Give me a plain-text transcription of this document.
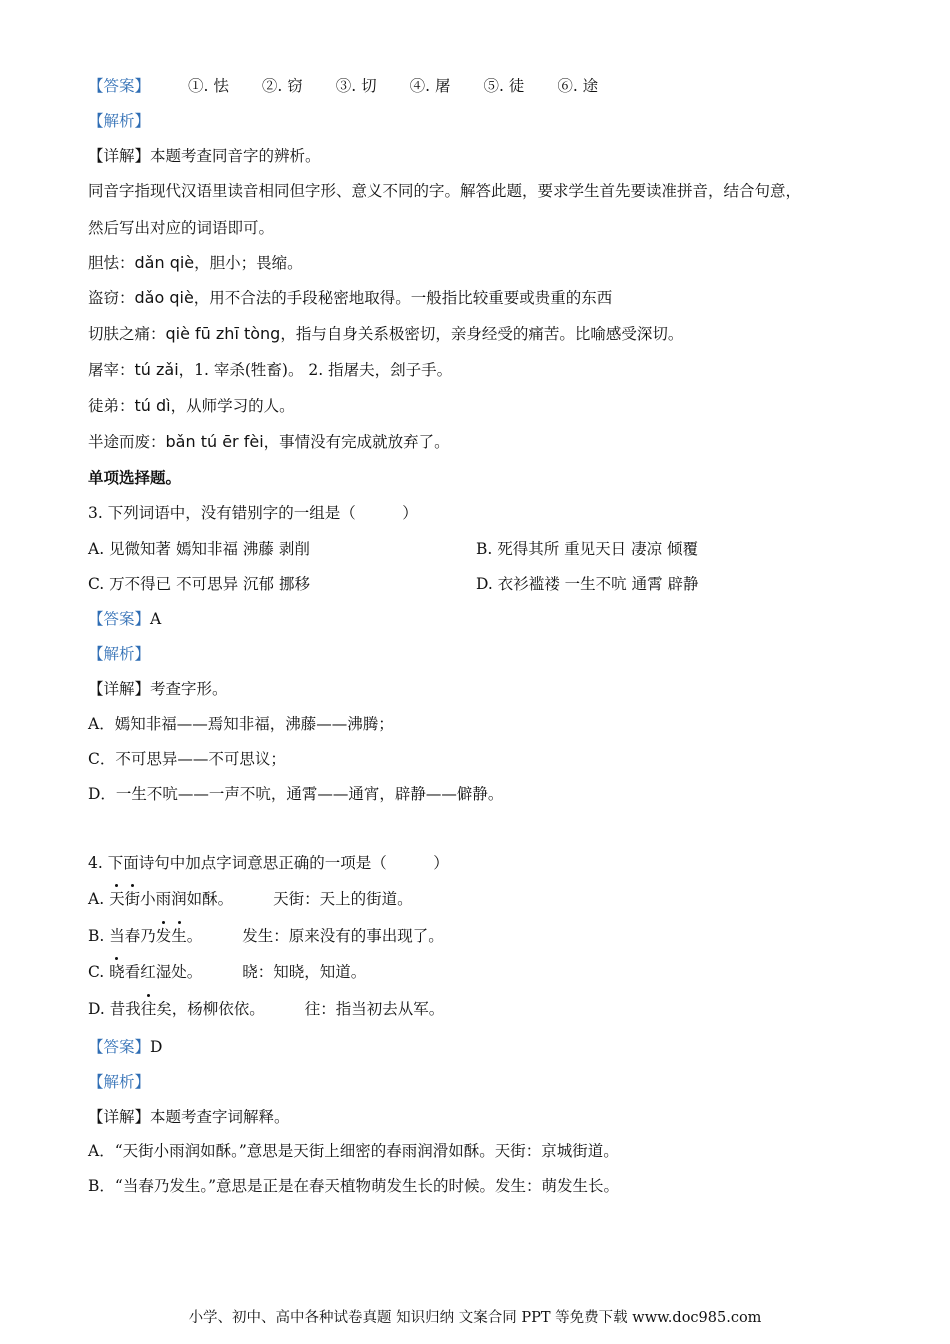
【答案】 ①. 怯 ②. 窃 ③. 切 ④. 屠 ⑤. 徒 ⑥. 途
【解析】
【详解】本题考查同音字的辨析。
同音字指现代汉语里读音相同但字形、意义不同的字。解答此题，要求学生首先要读准拼音，结合句意，
然后写出对应的词语即可。
胆怯：dǎn qiè，胆小；畏缩。
盗窃：dǎo qiè，用不合法的手段秘密地取得。一般指比较重要或贵重的东西
切肤之痛：qiè fū zhī tòng，指与自身关系极密切，亲身经受的痛苦。比喻感受深切。
屠宰：tú zǎi，1. 宰杀(牲畜)。 2. 指屠夫，刽子手。
徒弟：tú dì，从师学习的人。
半途而废：bǎn tú ēr fèi，事情没有完成就放弃了。
单项选择题。
3. 下列词语中，没有错别字的一组是（　　　）
A. 见微知著 嫣知非福 沸藤 剥削	B. 死得其所 重见天日 凄凉 倾覆
C. 万不得已 不可思异 沉郁 挪移	D. 衣衫褴褛 一生不吭 通霄 辟静
【答案】A
【解析】
【详解】考查字形。
A．嫣知非福——焉知非福，沸藤——沸腾；
C．不可思异——不可思议；
D．一生不吭——一声不吭，通霄——通宵，辟静——僻静。
4. 下面诗句中加点字词意思正确的一项是（　　　）
A. 天街小雨润如酥。	天街：天上的街道。
B. 当春乃发生。	发生：原来没有的事出现了。
C. 晓看红湿处。	晓：知晓，知道。
D. 昔我往矣，杨柳依依。	往：指当初去从军。
【答案】D
【解析】
【详解】本题考查字词解释。
A．“天街小雨润如酥。”意思是天街上细密的春雨润滑如酥。天街：京城街道。
B．“当春乃发生。”意思是正是在春天植物萌发生长的时候。发生：萌发生长。
小学、初中、高中各种试卷真题 知识归纳 文案合同 PPT 等免费下载 www.doc985.com
